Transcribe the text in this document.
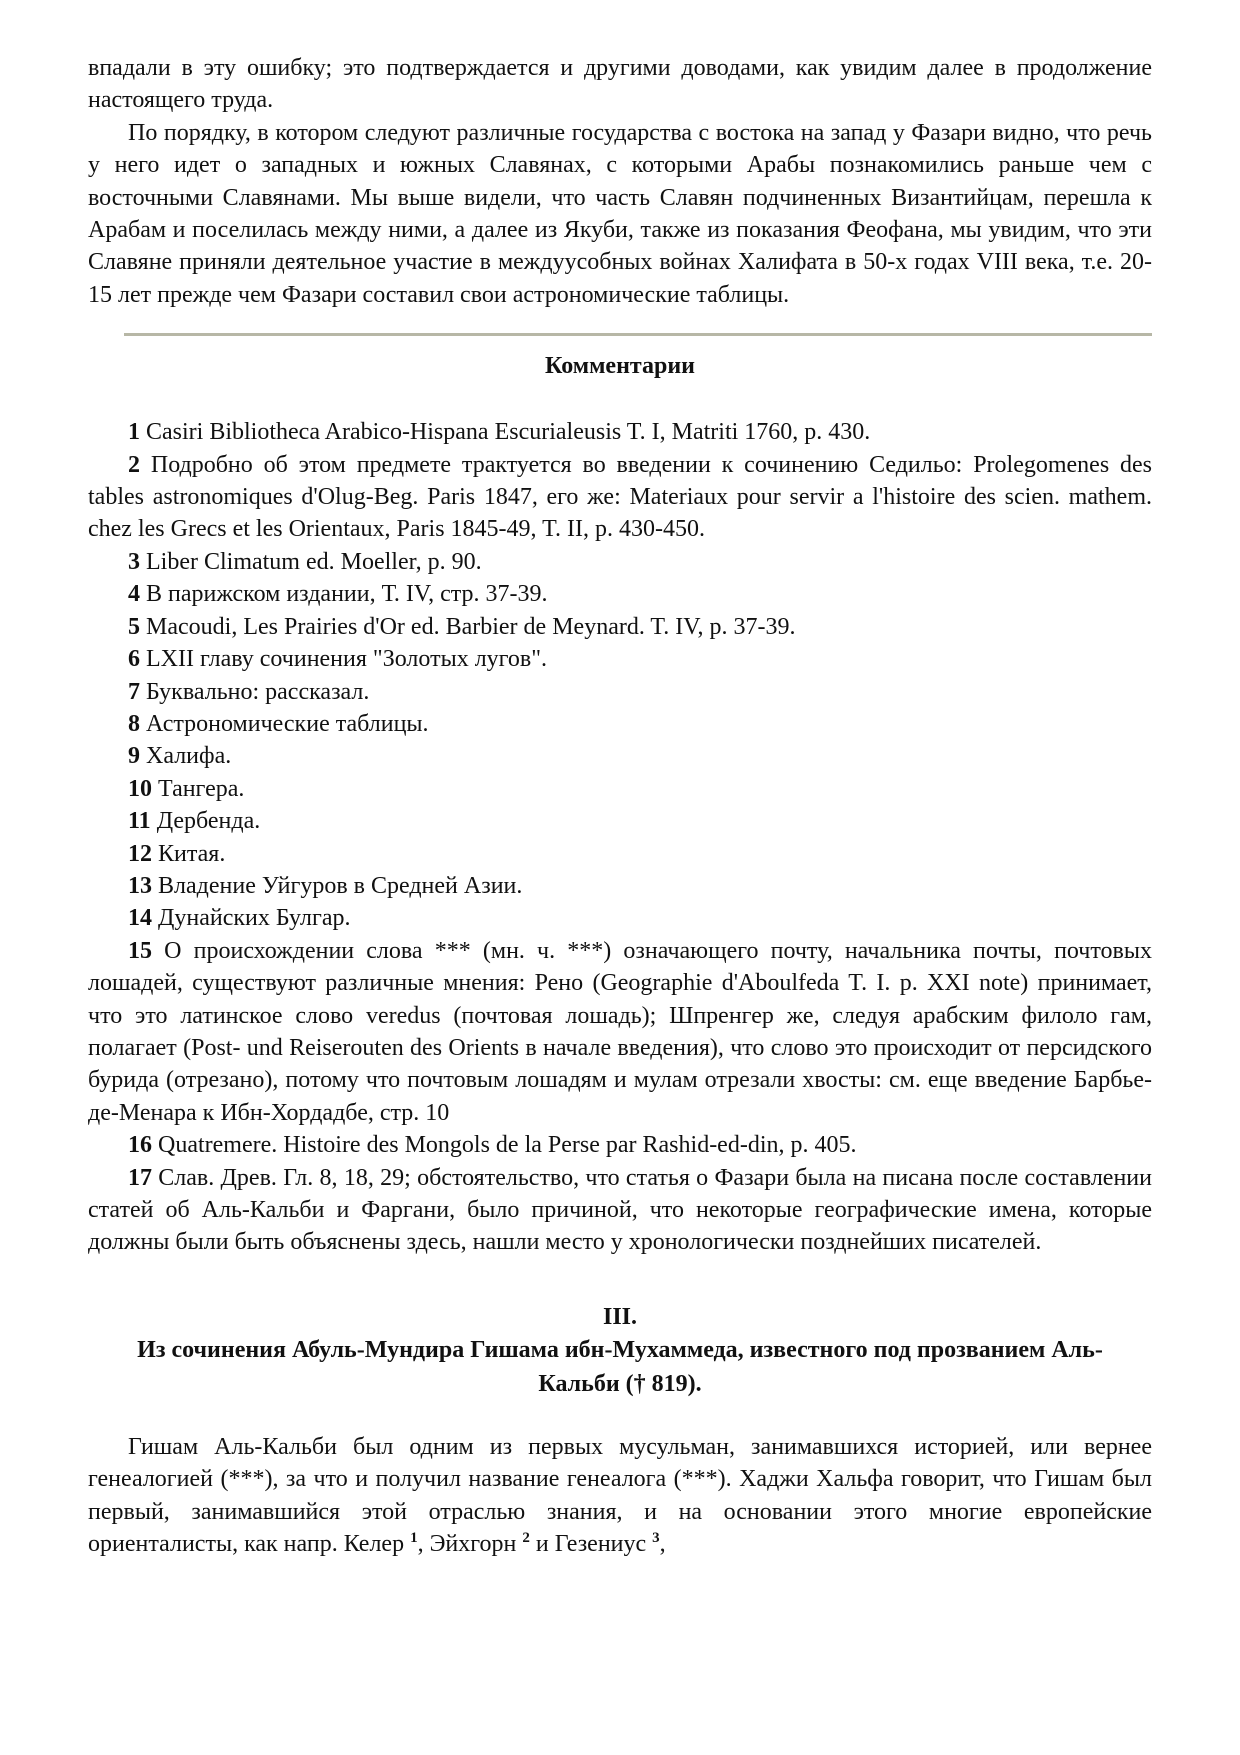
впадали в эту ошибку; это подтверждается и другими доводами, как увидим далее в продолжение настоящего труда.

По порядку, в котором следуют различные государства с востока на запад у Фазари видно, что речь у него идет о западных и южных Славянах, с которыми Арабы познакомились раньше чем с восточными Славянами. Мы выше видели, что часть Славян подчиненных Византийцам, перешла к Арабам и поселилась между ними, а далее из Якуби, также из показания Феофана, мы увидим, что эти Славяне приняли деятельное участие в междуусобных войнах Халифата в 50-х годах VIII века, т.е. 20-15 лет прежде чем Фазари составил свои астрономические таблицы.

Комментарии

1 Casiri Bibliotheca Arabico-Hispana Escurialeusis T. I, Matriti 1760, p. 430.

2 Подробно об этом предмете трактуется во введении к сочинению Седильо: Prolegomenes des tables astronomiques d'Olug-Beg. Paris 1847, его же: Materiaux pour servir a l'histoire des scien. mathem. chez les Grecs et les Orientaux, Paris 1845-49, T. II, p. 430-450.

3 Liber Climatum ed. Moeller, p. 90.

4 В парижском издании, Т. IV, стр. 37-39.

5 Macoudi, Les Prairies d'Or ed. Barbier de Meynard. T. IV, p. 37-39.

6 LXII главу сочинения "Золотых лугов".

7 Буквально: рассказал.

8 Астрономические таблицы.

9 Халифа.

10 Тангера.

11 Дербенда.

12 Китая.

13 Владение Уйгуров в Средней Азии.

14 Дунайских Булгар.

15 О происхождении слова *** (мн. ч. ***) означающего почту, начальника почты, почтовых лошадей, существуют различные мнения: Рено (Geographie d'Aboulfeda T. I. p. XXI note) принимает, что это латинское слово veredus (почтовая лошадь); Шпренгер же, следуя арабским филоло гам, полагает (Post- und Reiserouten des Orients в начале введения), что слово это происходит от персидского бурида (отрезано), потому что почтовым лошадям и мулам отрезали хвосты: см. еще введение Барбье-де-Менара к Ибн-Хордадбе, стр. 10

16 Quatremere. Histoire des Mongols de la Perse par Rashid-ed-din, p. 405.

17 Слав. Древ. Гл. 8, 18, 29; обстоятельство, что статья о Фазари была на писана после составлении статей об Аль-Кальби и Фаргани, было причиной, что некоторые географические имена, которые должны были быть объяснены здесь, нашли место у хронологически позднейших писателей.

III.
Из сочинения Абуль-Мундира Гишама ибн-Мухаммеда, известного под прозванием Аль-Кальби († 819).

Гишам Аль-Кальби был одним из первых мусульман, занимавшихся историей, или вернее генеалогией (***), за что и получил название генеалога (***). Хаджи Хальфа говорит, что Гишам был первый, занимавшийся этой отраслью знания, и на основании этого многие европейские ориенталисты, как напр. Келер $^1$, Эйхгорн $^2$ и Гезениус $^3$,
